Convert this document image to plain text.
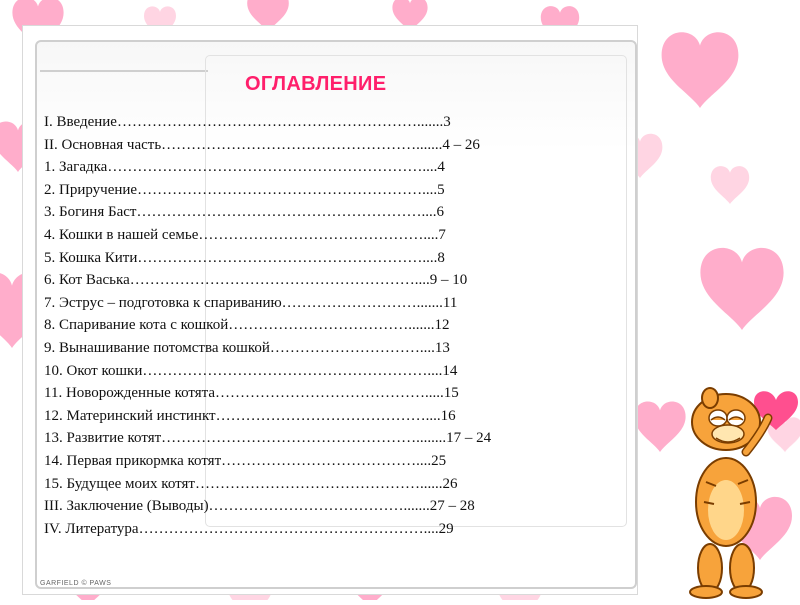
ОГЛАВЛЕНИЕ
I. Введение…………………………………………………….......3
II. Основная часть…………………………………………….......4 – 26
1. Загадка………………………………………………………....4
2. Приручение…………………………………………………....5
3. Богиня Баст…………………………………………………....6
4. Кошки в нашей семье………………………………………....7
5. Кошка Кити…………………………………………………....8
6. Кот Васька…………………………………………………....9 – 10
7. Эструс – подготовка к спариванию……………………….......11
8. Спаривание кота с кошкой……………………………….......12
9. Вынашивание потомства кошкой…………………………....13
10. Окот кошки…………………………………………………....14
11. Новорожденные котята…………………………………….....15
12. Материнский инстинкт……………………………………....16
13. Развитие котят……………………………………………........17 – 24
14. Первая прикормка котят…………………………………....25
15. Будущее моих котят………………………………………......26
III. Заключение (Выводы)………………………………….......27 – 28
IV. Литература…………………………………………………....29
GARFIELD © PAWS
